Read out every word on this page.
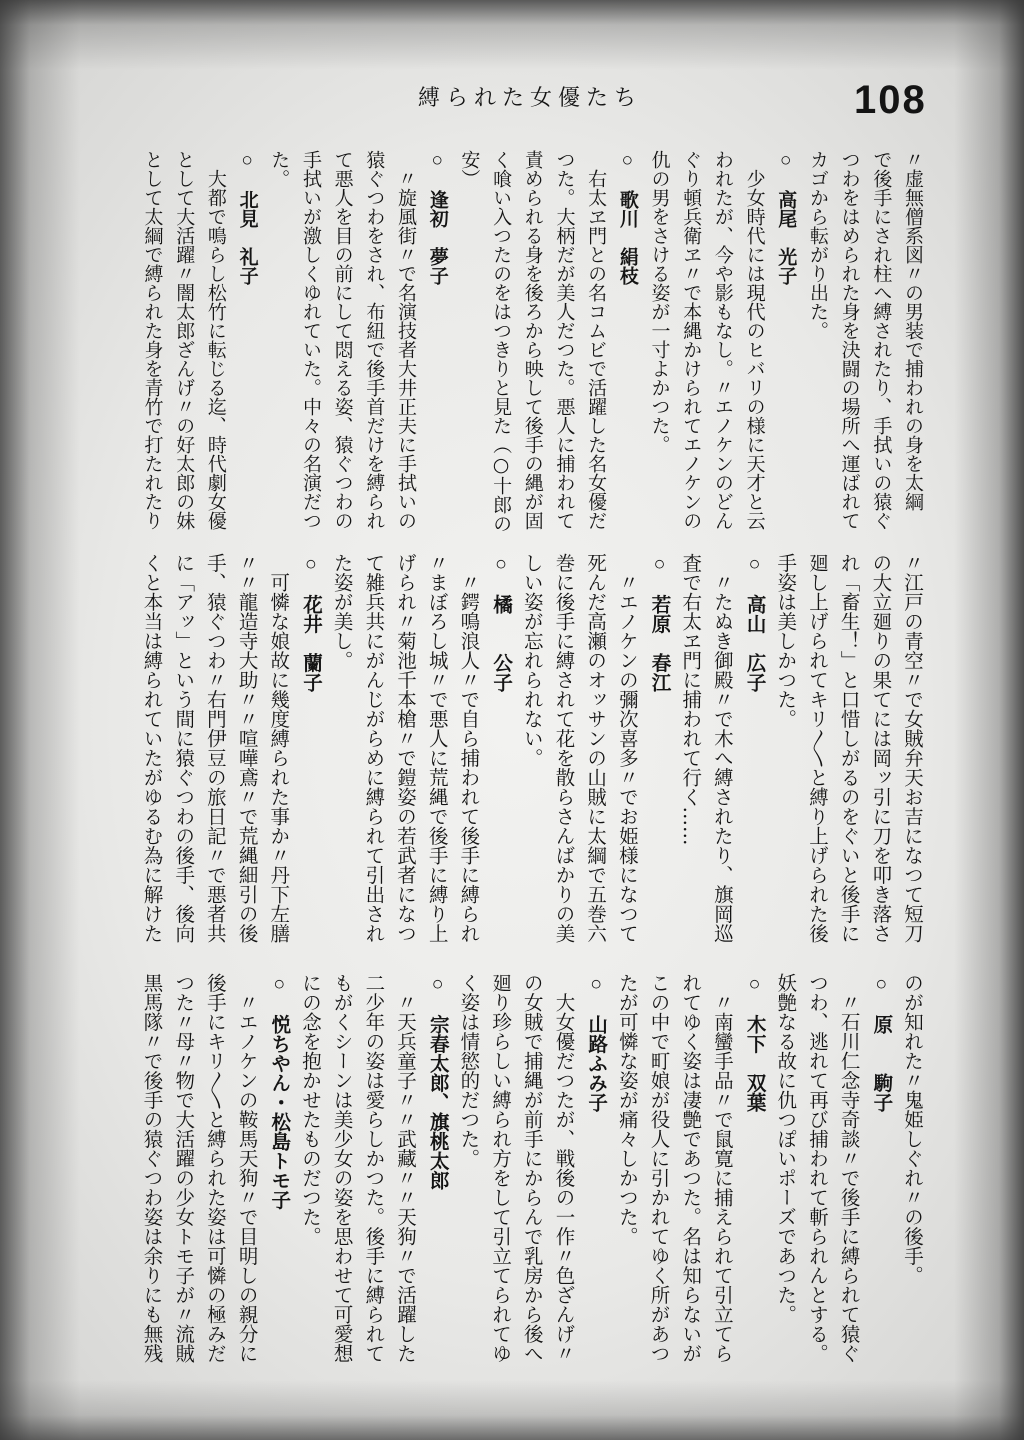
縛られた女優たち	108

〃虚無僧系図〃の男装で捕われの身を太綱

で後手にされ柱へ縛されたり、手拭いの猿ぐ

つわをはめられた身を決闘の場所へ運ばれて

カゴから転がり出た。

○　高尾　光子

　少女時代には現代のヒバリの様に天才と云

われたが、今や影もなし。〃エノケンのどん

ぐり頓兵衛ヱ〃で本縄かけられてエノケンの

仇の男をさける姿が一寸よかつた。

○　歌川　絹枝

　右太ヱ門との名コムビで活躍した名女優だ

つた。大柄だが美人だつた。悪人に捕われて

責められる身を後ろから映して後手の縄が固

く喰い入つたのをはつきりと見た（○十郎の

安）

○　逢初　夢子

　〃旋風街〃で名演技者大井正夫に手拭いの

猿ぐつわをされ、布紐で後手首だけを縛られ

て悪人を目の前にして悶える姿、猿ぐつわの

手拭いが激しくゆれていた。中々の名演だつ

た。

○　北見　礼子

　大都で鳴らし松竹に転じる迄、時代劇女優

として大活躍〃闇太郎ざんげ〃の好太郎の妹

として太綱で縛られた身を青竹で打たれたり

〃江戸の青空〃で女賊弁天お吉になつて短刀

の大立廻りの果てには岡ッ引に刀を叩き落さ

れ「畜生！」と口惜しがるのをぐいと後手に

廻し上げられてキリ〳〵と縛り上げられた後

手姿は美しかつた。

○　高山　広子

　〃たぬき御殿〃で木へ縛されたり、旗岡巡

査で右太ヱ門に捕われて行く……

○　若原　春江

　〃エノケンの彌次喜多〃でお姫様になつて

死んだ高瀬のオッサンの山賊に太綱で五巻六

巻に後手に縛されて花を散らさんばかりの美

しい姿が忘れられない。

○　橘　　公子

　〃鍔鳴浪人〃で自ら捕われて後手に縛られ

〃まぼろし城〃で悪人に荒縄で後手に縛り上

げられ〃菊池千本槍〃で鎧姿の若武者になつ

て雑兵共にがんじがらめに縛られて引出され

た姿が美し。

○　花井　蘭子

　可憐な娘故に幾度縛られた事か〃丹下左膳

〃〃龍造寺大助〃〃喧嘩鳶〃で荒縄細引の後

手、猿ぐつわ〃右門伊豆の旅日記〃で悪者共

に「アッ」という間に猿ぐつわの後手、後向

くと本当は縛られていたがゆるむ為に解けた

のが知れた〃鬼姫しぐれ〃の後手。

○　原　　駒子

　〃石川仁念寺奇談〃で後手に縛られて猿ぐ

つわ、逃れて再び捕われて斬られんとする。

妖艶なる故に仇つぽいポーズであつた。

○　木下　双葉

　〃南蠻手品〃で鼠寛に捕えられて引立てら

れてゆく姿は凄艶であつた。名は知らないが

この中で町娘が役人に引かれてゆく所があつ

たが可憐な姿が痛々しかつた。

○　山路ふみ子

　大女優だつたが、戦後の一作〃色ざんげ〃

の女賊で捕縄が前手にからんで乳房から後へ

廻り珍らしい縛られ方をして引立てられてゆ

く姿は情慾的だつた。

○　宗春太郎、旗桃太郎

　〃天兵童子〃〃武藏〃〃天狗〃で活躍した

二少年の姿は愛らしかつた。後手に縛られて

もがくシーンは美少女の姿を思わせて可愛想

にの念を抱かせたものだつた。

○　悦ちやん・松島トモ子

　〃エノケンの鞍馬天狗〃で目明しの親分に

後手にキリ〳〵と縛られた姿は可憐の極みだ

つた〃母〃物で大活躍の少女トモ子が〃流賊

黒馬隊〃で後手の猿ぐつわ姿は余りにも無残
